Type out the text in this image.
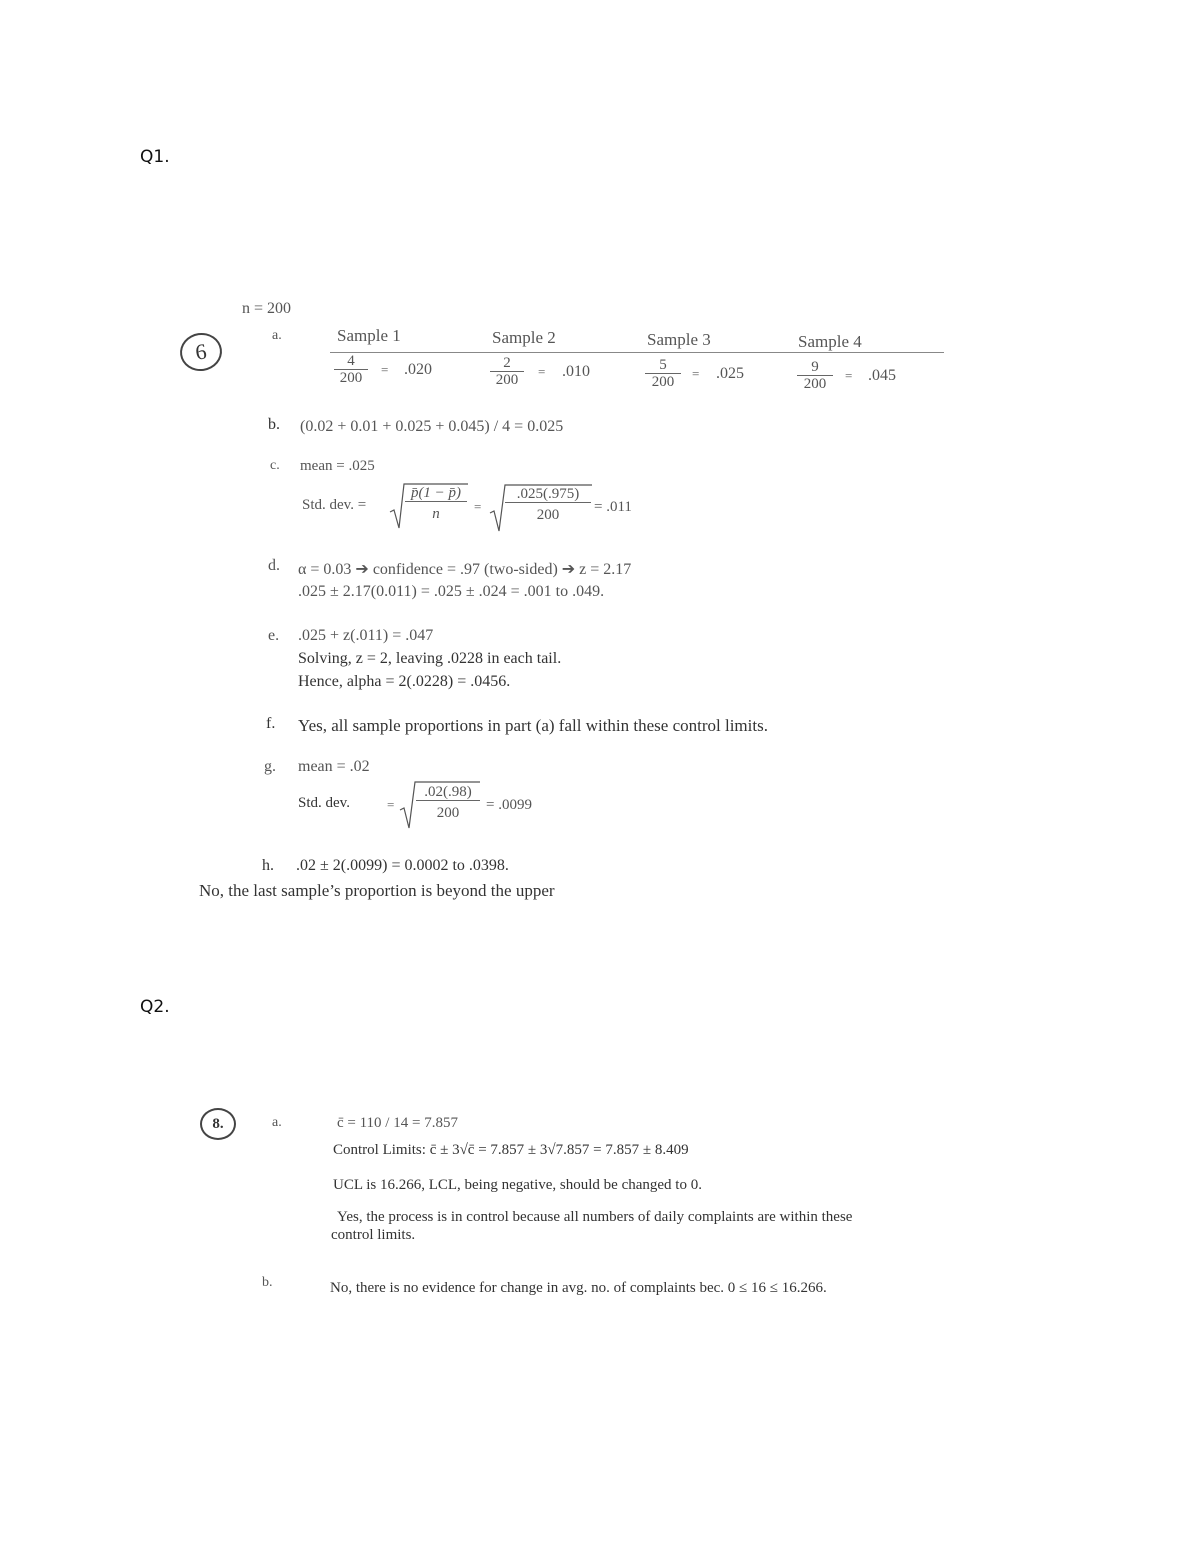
Q1.
n = 200
6
a.	Sample 1
$\frac{4}{200} = .020$
Sample 2
$\frac{2}{200} = .010$
Sample 3
$\frac{5}{200} = .025$
Sample 4
$\frac{9}{200} = .045$
b. (0.02 + 0.01 + 0.025 + 0.045) / 4 = 0.025
c. mean = .025
Std. dev. =	$\frac{p̄(1 - p̄)}{n} = \frac{.025(.975)}{200} = .011$
d. α = 0.03 ➔ confidence = .97 (two-sided) ➔ z = 2.17
.025 ± 2.17(0.011) = .025 ± .024 = .001 to .049.
e. .025 + z(.011) = .047
Solving, z = 2, leaving .0228 in each tail.
Hence, alpha = 2(.0228) = .0456.
f. Yes, all sample proportions in part (a) fall within these control limits.
g. mean = .02
Std. dev.	= $\frac{.02(.98)}{200} = .0099$
h. .02 ± 2(.0099) = 0.0002 to .0398.
No, the last sample’s proportion is beyond the upper
Q2.
8.	a.	c̄ = 110 / 14 = 7.857
Control Limits: c̄ ± 3√c̄ = 7.857 ± 3√7.857 = 7.857 ± 8.409
UCL is 16.266, LCL, being negative, should be changed to 0.
Yes, the process is in control because all numbers of daily complaints are within these
control limits.
b.	No, there is no evidence for change in avg. no. of complaints bec. 0 ≤ 16 ≤ 16.266.
